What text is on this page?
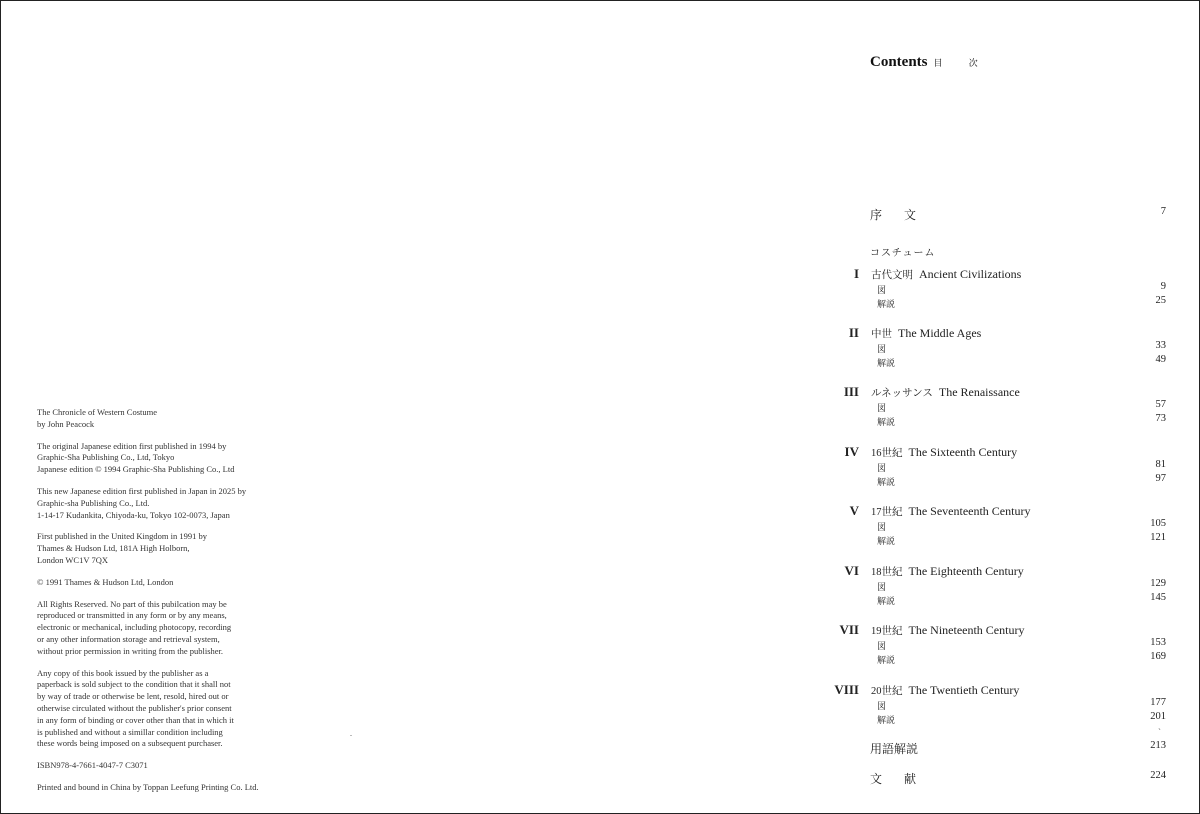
The Chronicle of Western Costume
by John Peacock
The original Japanese edition first published in 1994 by
Graphic-Sha Publishing Co., Ltd, Tokyo
Japanese edition © 1994 Graphic-Sha Publishing Co., Ltd
This new Japanese edition first published in Japan in 2025 by
Graphic-sha Publishing Co., Ltd.
1-14-17 Kudankita, Chiyoda-ku, Tokyo 102-0073, Japan
First published in the United Kingdom in 1991 by
Thames & Hudson Ltd, 181A High Holborn,
London WC1V 7QX
© 1991 Thames & Hudson Ltd, London
All Rights Reserved. No part of this pubilcation may be
reproduced or transmitted in any form or by any means,
electronic or mechanical, including photocopy, recording
or any other information storage and retrieval system,
without prior permission in writing from the publisher.
Any copy of this book issued by the publisher as a
paperback is sold subject to the condition that it shall not
by way of trade or otherwise be lent, resold, hired out or
otherwise circulated without the publisher's prior consent
in any form of binding or cover other than that in which it
is published and without a simillar condition including
these words being imposed on a subsequent purchaser.
ISBN978-4-7661-4047-7 C3071
Printed and bound in China by Toppan Leefung Printing Co. Ltd.
Contents 目 次
序文	7
コスチューム
I 古代文明 Ancient Civilizations
図	9
解説	25
II 中世 The Middle Ages
図	33
解説	49
III ルネッサンス The Renaissance
図	57
解説	73
IV 16世紀 The Sixteenth Century
図	81
解説	97
V 17世紀 The Seventeenth Century
図	105
解説	121
VI 18世紀 The Eighteenth Century
図	129
解説	145
VII 19世紀 The Nineteenth Century
図	153
解説	169
VIII 20世紀 The Twentieth Century
図	177
解説	201
ˋ
用語解説	213
文献	224
